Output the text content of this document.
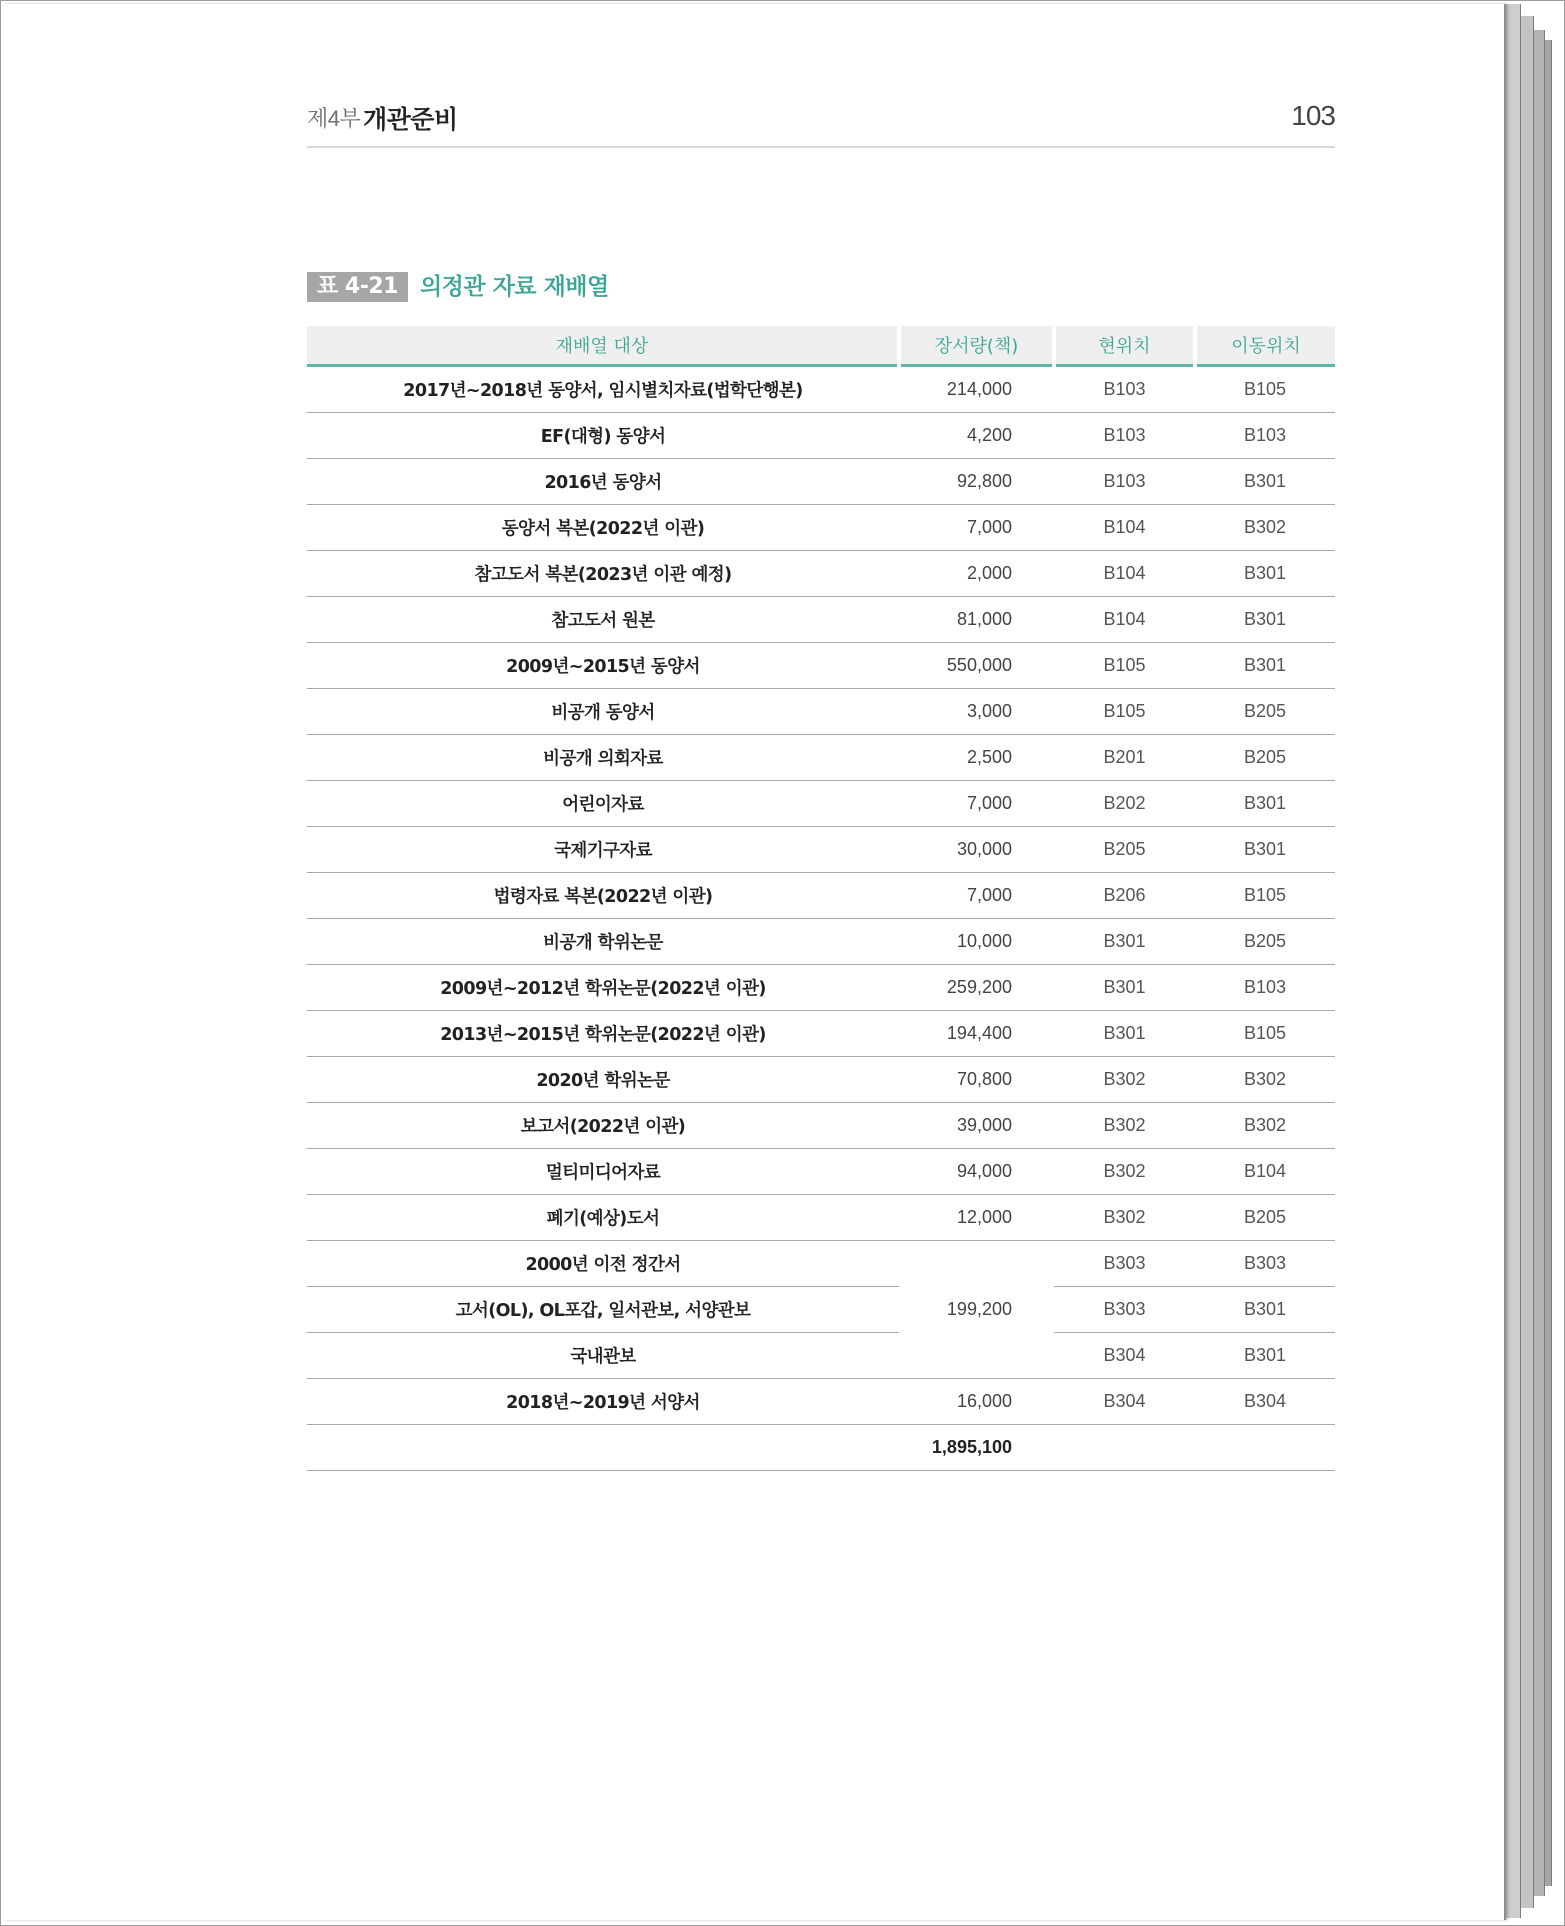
제4부 개관준비	103
표 4-21 의정관 자료 재배열
재배열 대상	장서량(책)	현위치	이동위치
2017년~2018년 동양서, 임시별치자료(법학단행본)	214,000	B103	B105
EF(대형) 동양서	4,200	B103	B103
2016년 동양서	92,800	B103	B301
동양서 복본(2022년 이관)	7,000	B104	B302
참고도서 복본(2023년 이관 예정)	2,000	B104	B301
참고도서 원본	81,000	B104	B301
2009년~2015년 동양서	550,000	B105	B301
비공개 동양서	3,000	B105	B205
비공개 의회자료	2,500	B201	B205
어린이자료	7,000	B202	B301
국제기구자료	30,000	B205	B301
법령자료 복본(2022년 이관)	7,000	B206	B105
비공개 학위논문	10,000	B301	B205
2009년~2012년 학위논문(2022년 이관)	259,200	B301	B103
2013년~2015년 학위논문(2022년 이관)	194,400	B301	B105
2020년 학위논문	70,800	B302	B302
보고서(2022년 이관)	39,000	B302	B302
멀티미디어자료	94,000	B302	B104
폐기(예상)도서	12,000	B302	B205
2000년 이전 정간서	199,200	B303	B303
고서(OL), OL포갑, 일서관보, 서양관보		B303	B301
국내관보		B304	B301
2018년~2019년 서양서	16,000	B304	B304
	1,895,100		
